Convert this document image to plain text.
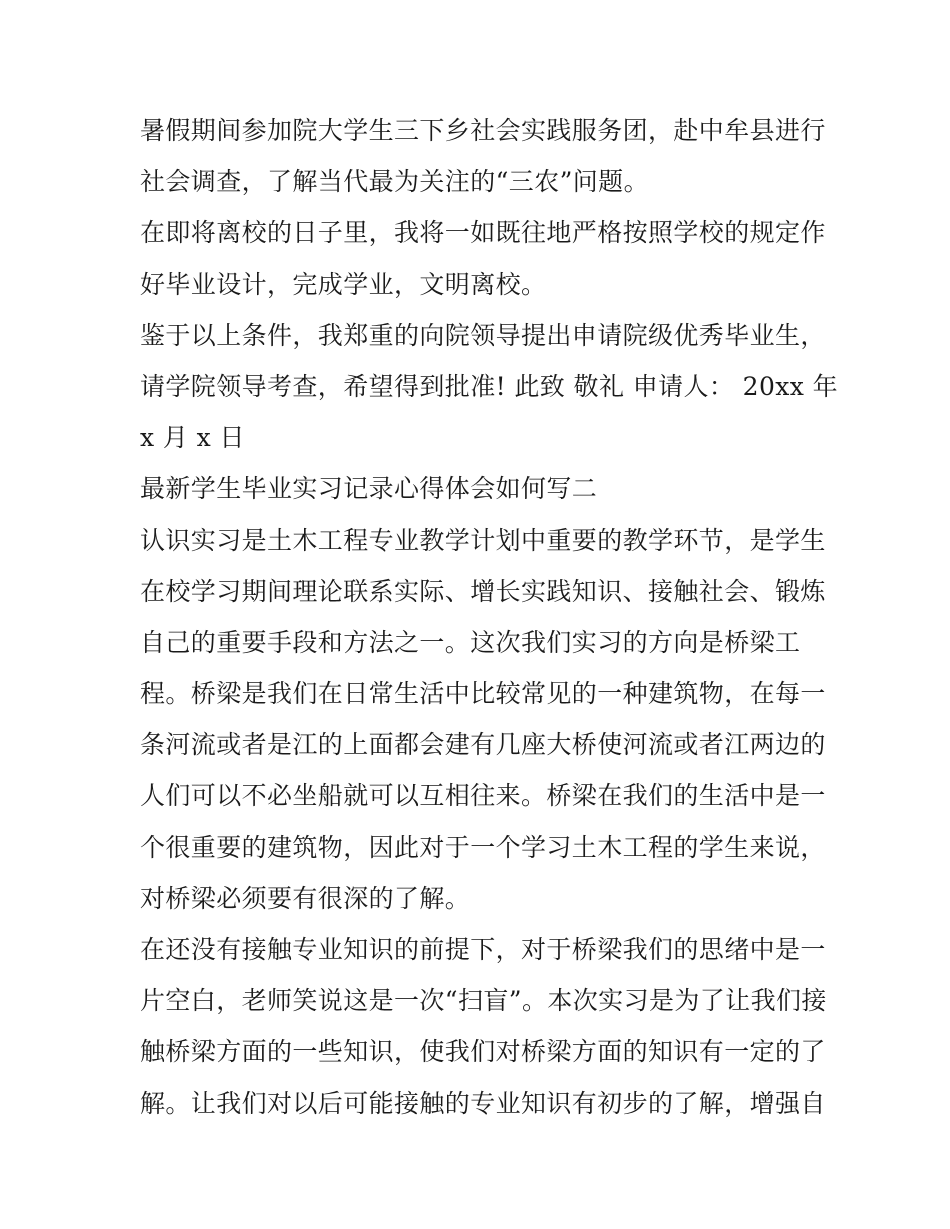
暑假期间参加院大学生三下乡社会实践服务团，赴中牟县进行
社会调查，了解当代最为关注的“三农”问题。
在即将离校的日子里，我将一如既往地严格按照学校的规定作
好毕业设计，完成学业，文明离校。
鉴于以上条件，我郑重的向院领导提出申请院级优秀毕业生，
请学院领导考查，希望得到批准! 此致 敬礼 申请人： 20xx 年
x 月 x 日
最新学生毕业实习记录心得体会如何写二
认识实习是土木工程专业教学计划中重要的教学环节，是学生
在校学习期间理论联系实际、增长实践知识、接触社会、锻炼
自己的重要手段和方法之一。这次我们实习的方向是桥梁工
程。桥梁是我们在日常生活中比较常见的一种建筑物，在每一
条河流或者是江的上面都会建有几座大桥使河流或者江两边的
人们可以不必坐船就可以互相往来。桥梁在我们的生活中是一
个很重要的建筑物，因此对于一个学习土木工程的学生来说，
对桥梁必须要有很深的了解。
在还没有接触专业知识的前提下，对于桥梁我们的思绪中是一
片空白，老师笑说这是一次“扫盲”。本次实习是为了让我们接
触桥梁方面的一些知识，使我们对桥梁方面的知识有一定的了
解。让我们对以后可能接触的专业知识有初步的了解，增强自
